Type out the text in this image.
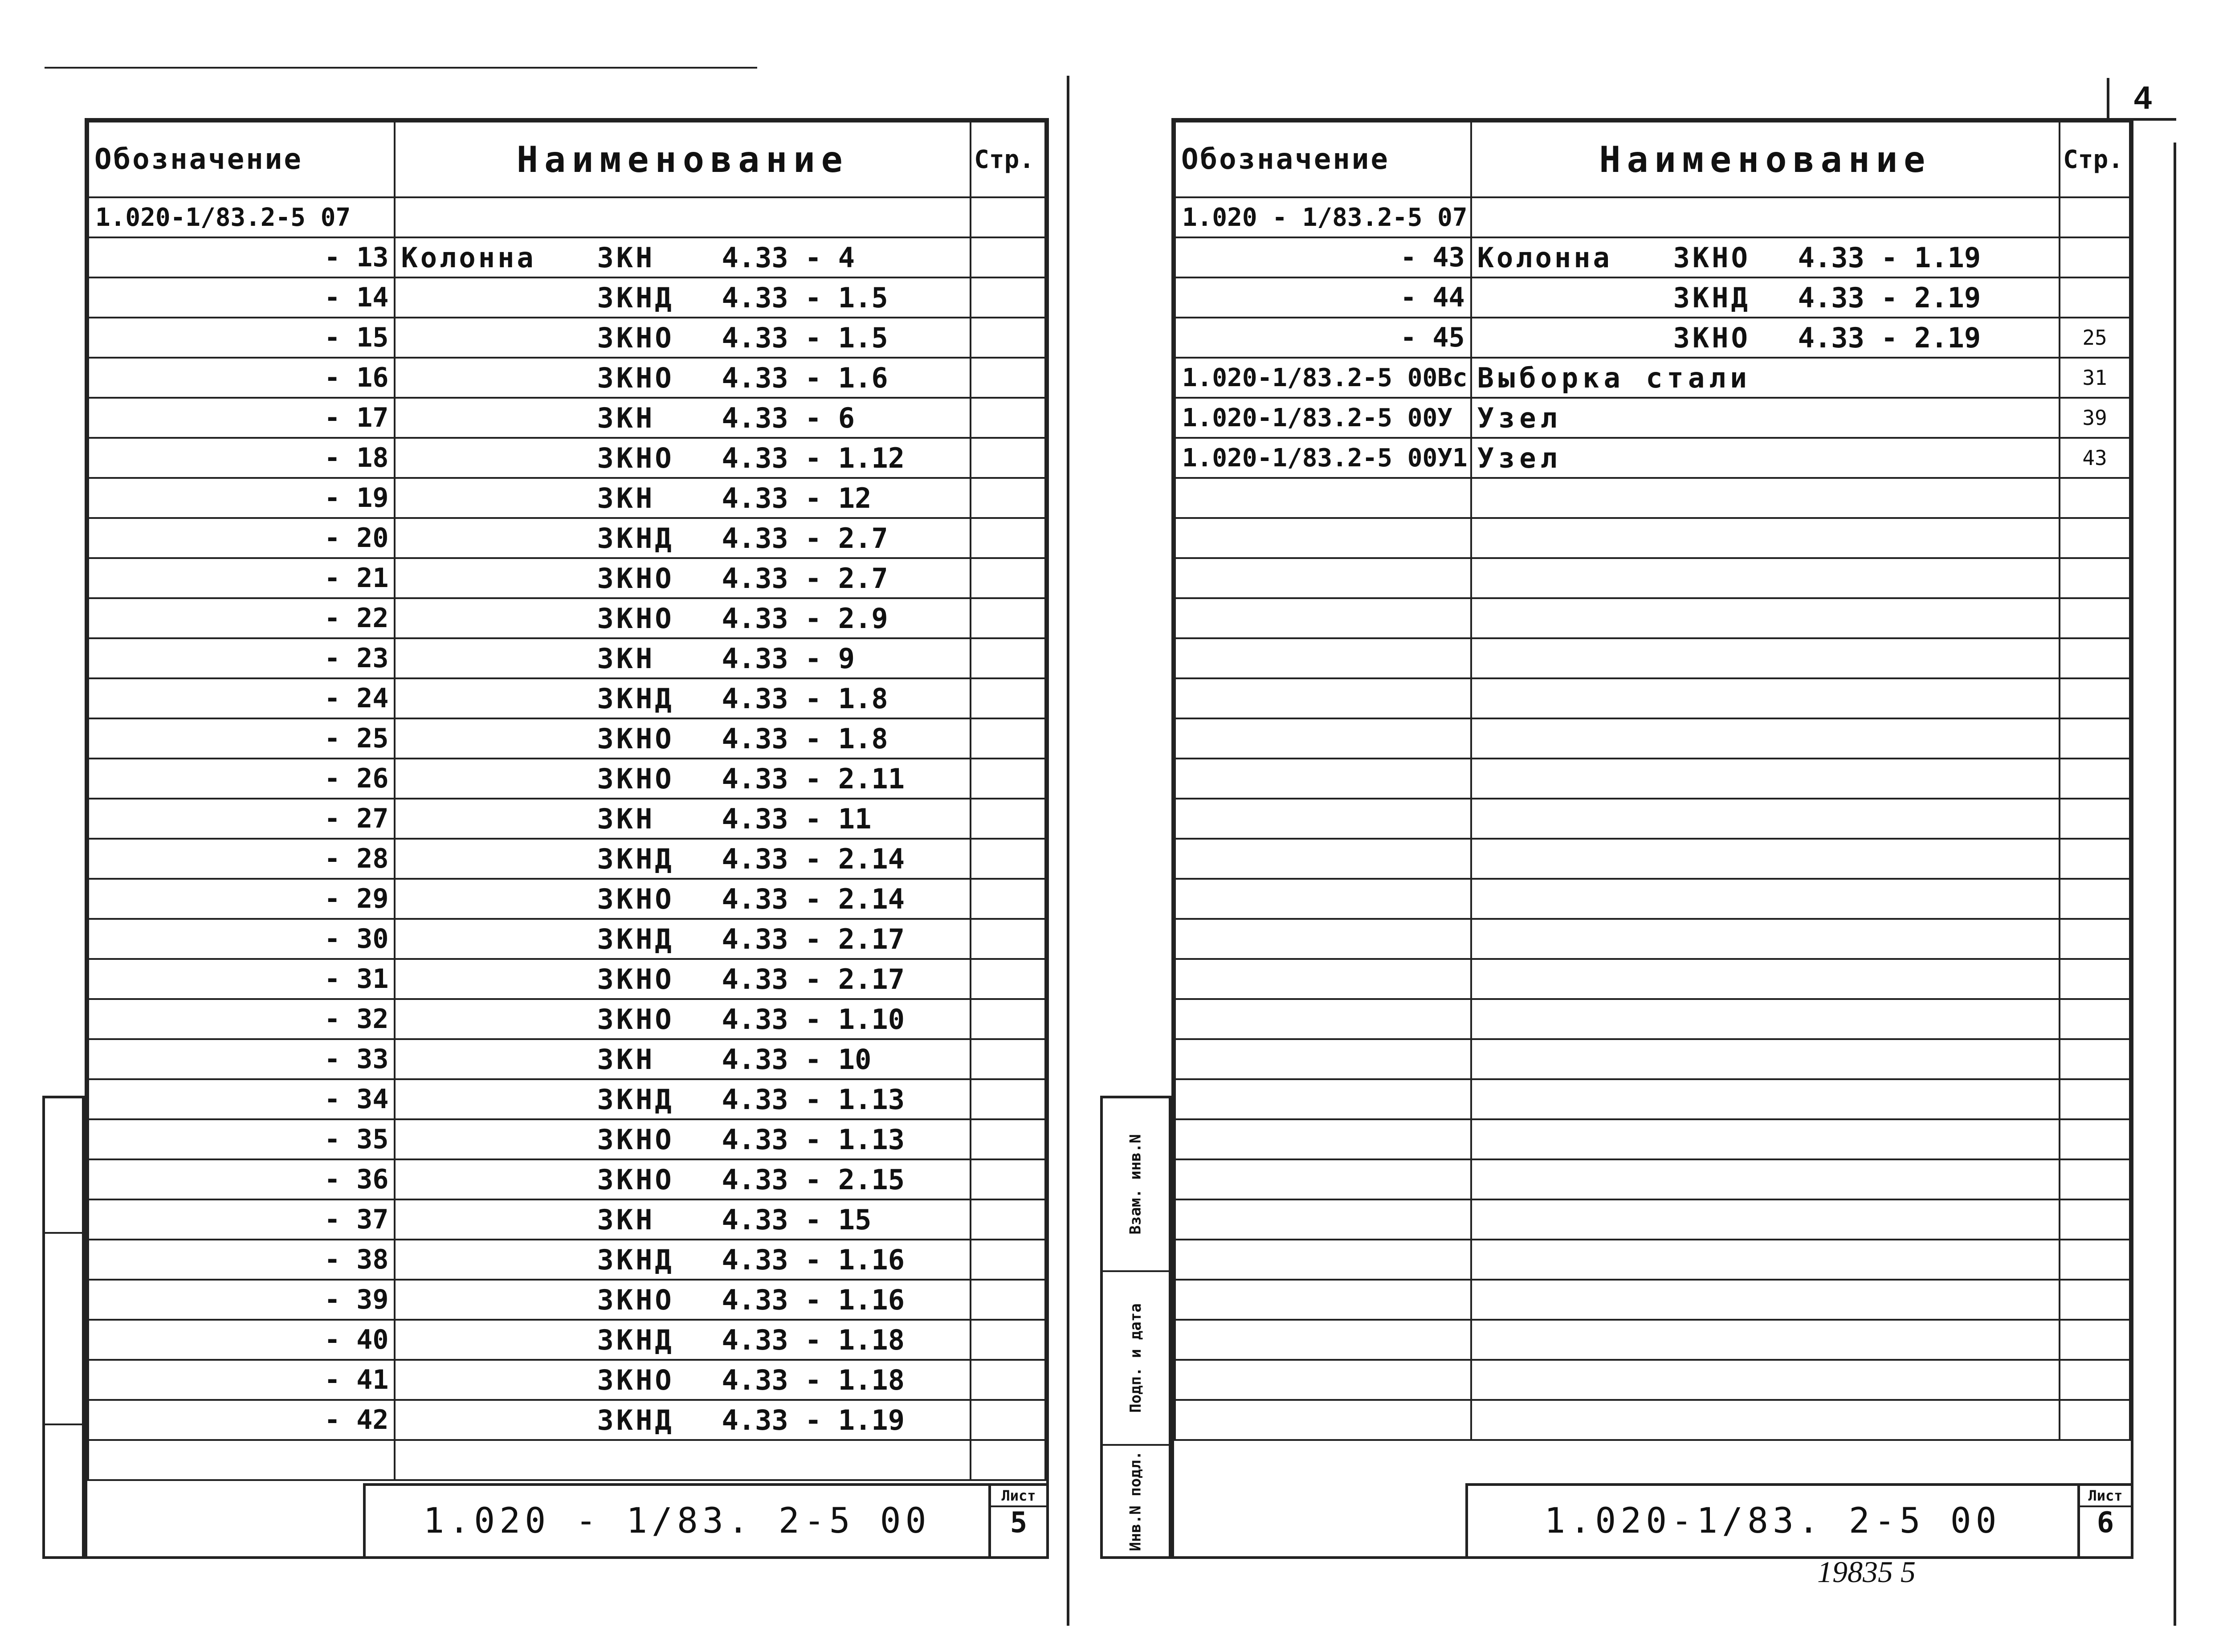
4
Обозначение	Наименование	Стр.
1.020-1/83.2-5 07		
- 13	Колонна 3КН 4.33 - 4	
- 14	3КНД 4.33 - 1.5	
- 15	3КНО 4.33 - 1.5	
- 16	3КНО 4.33 - 1.6	
- 17	3КН 4.33 - 6	
- 18	3КНО 4.33 - 1.12	
- 19	3КН 4.33 - 12	
- 20	3КНД 4.33 - 2.7	
- 21	3КНО 4.33 - 2.7	
- 22	3КНО 4.33 - 2.9	
- 23	3КН 4.33 - 9	
- 24	3КНД 4.33 - 1.8	
- 25	3КНО 4.33 - 1.8	
- 26	3КНО 4.33 - 2.11	
- 27	3КН 4.33 - 11	
- 28	3КНД 4.33 - 2.14	
- 29	3КНО 4.33 - 2.14	
- 30	3КНД 4.33 - 2.17	
- 31	3КНО 4.33 - 2.17	
- 32	3КНО 4.33 - 1.10	
- 33	3КН 4.33 - 10	
- 34	3КНД 4.33 - 1.13	
- 35	3КНО 4.33 - 1.13	
- 36	3КНО 4.33 - 2.15	
- 37	3КН 4.33 - 15	
- 38	3КНД 4.33 - 1.16	
- 39	3КНО 4.33 - 1.16	
- 40	3КНД 4.33 - 1.18	
- 41	3КНО 4.33 - 1.18	
- 42	3КНД 4.33 - 1.19	

1.020 - 1/83. 2-5 00
Лист
5
Обозначение	Наименование	Стр.
1.020 - 1/83.2-5 07		
- 43	Колонна 3КНО 4.33 - 1.19	
- 44	3КНД 4.33 - 2.19	
- 45	3КНО 4.33 - 2.19	25
1.020-1/83.2-5 00Вс	Выборка стали	31
1.020-1/83.2-5 00У	Узел	39
1.020-1/83.2-5 00У1	Узел	43

1.020-1/83. 2-5 00
Лист
6
Взам. инв.N
Подп. и дата
Инв.N подл.
19835 5
